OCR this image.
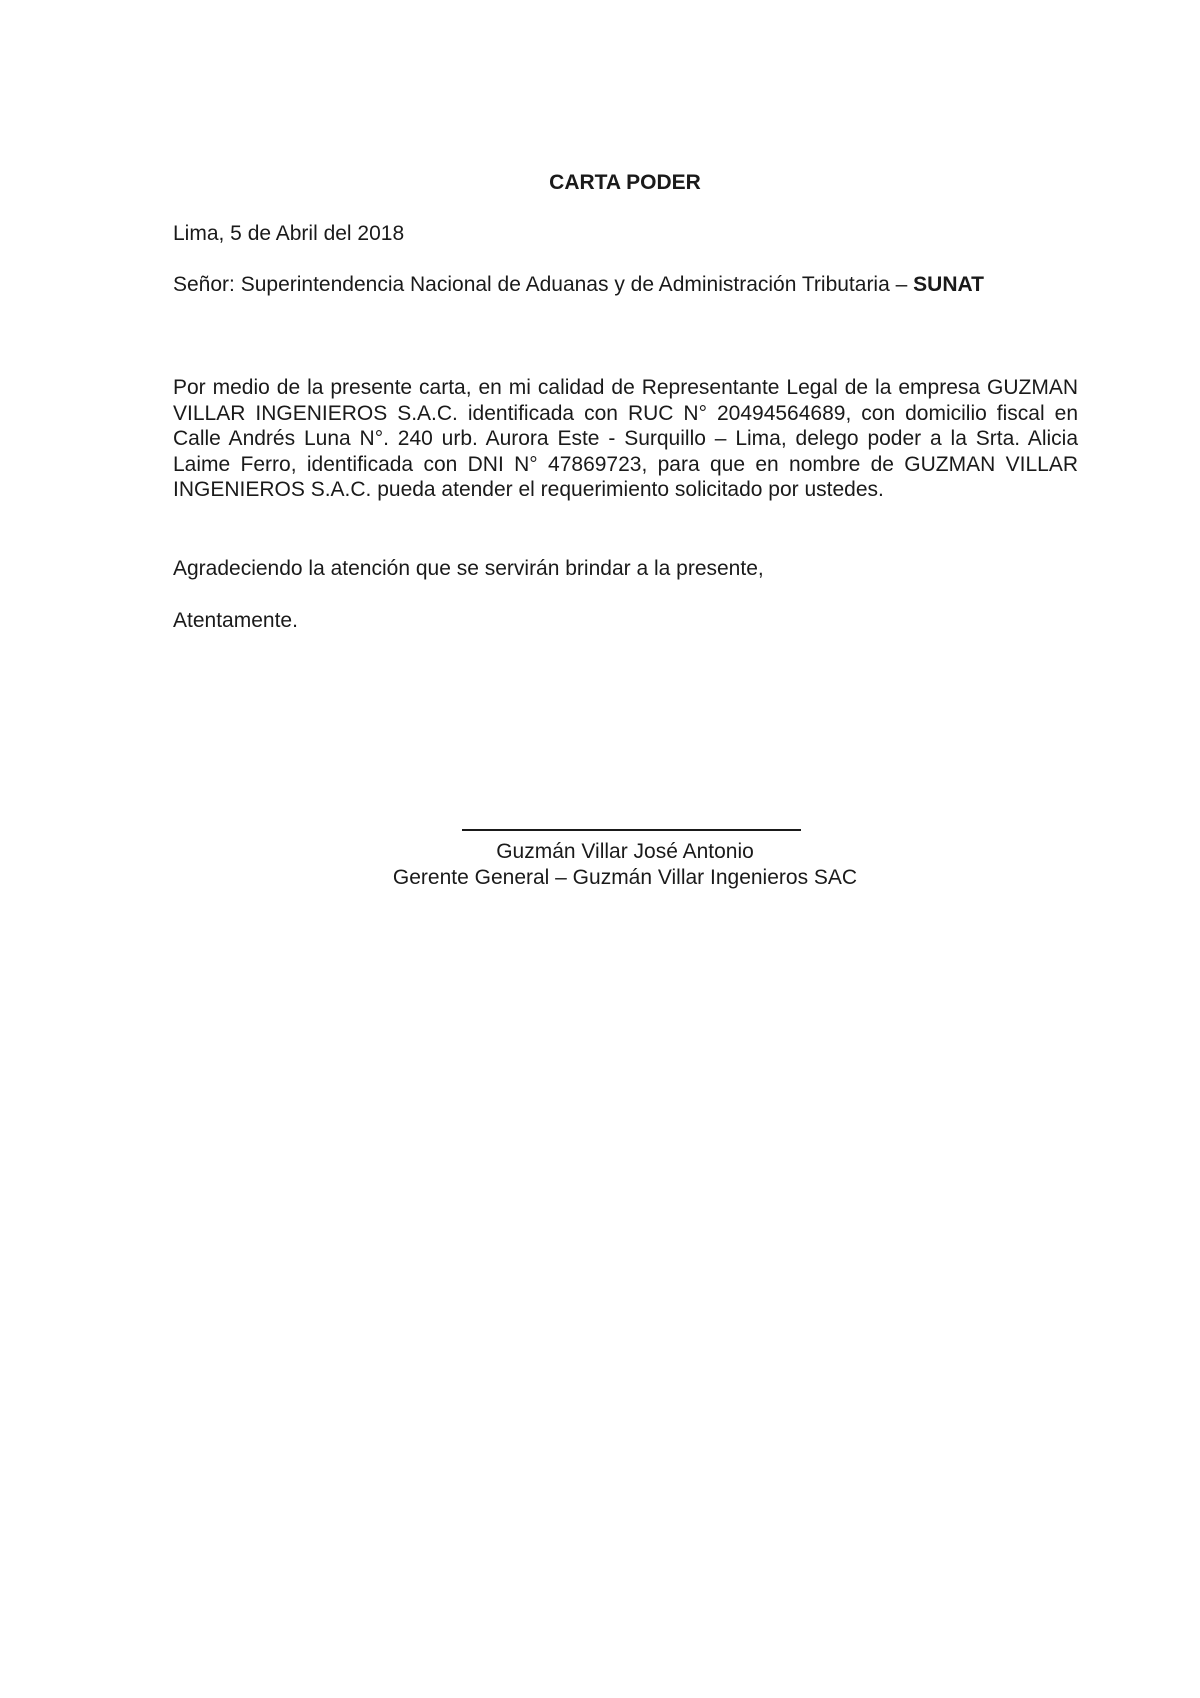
CARTA PODER
Lima, 5 de Abril del 2018
Señor: Superintendencia Nacional de Aduanas y de Administración Tributaria – SUNAT
Por medio de la presente carta, en mi calidad de Representante Legal de la empresa GUZMAN VILLAR INGENIEROS S.A.C. identificada con RUC N° 20494564689, con domicilio fiscal en Calle Andrés Luna N°. 240 urb. Aurora Este - Surquillo – Lima, delego poder a la Srta. Alicia Laime Ferro, identificada con DNI N° 47869723, para que en nombre de GUZMAN VILLAR INGENIEROS S.A.C. pueda atender el requerimiento solicitado por ustedes.
Agradeciendo la atención que se servirán brindar a la presente,
Atentamente.
Guzmán Villar José Antonio
Gerente General – Guzmán Villar Ingenieros SAC
